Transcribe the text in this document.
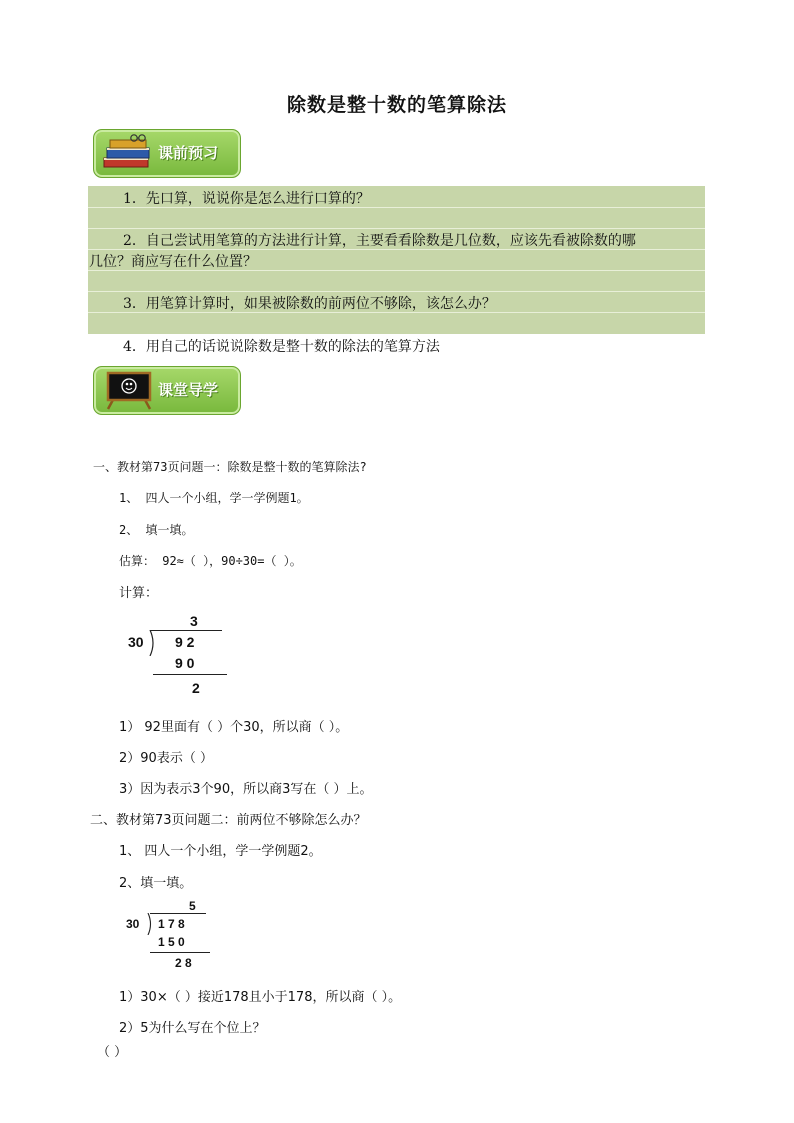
除数是整十数的笔算除法
课前预习
1．先口算，说说你是怎么进行口算的？
2．自己尝试用笔算的方法进行计算，主要看看除数是几位数，应该先看被除数的哪
几位？商应写在什么位置？
3．用笔算计算时，如果被除数的前两位不够除，该怎么办？
4．用自己的话说说除数是整十数的除法的笔算方法
课堂导学
一、教材第73页问题一：除数是整十数的笔算除法?
1、 四人一个小组，学一学例题1。
2、 填一填。
估算： 92≈（ ），90÷30=（ ）。
计算：
3
30 9 2
9 0
2
1） 92里面有（ ）个30，所以商（ ）。
2）90表示（ ）
3）因为表示3个90，所以商3写在（ ）上。
二、教材第73页问题二：前两位不够除怎么办？
1、 四人一个小组，学一学例题2。
2、填一填。
5
30 1 7 8
1 5 0
2 8
1）30×（ ）接近178且小于178，所以商（ ）。
2）5为什么写在个位上？
（ ）
